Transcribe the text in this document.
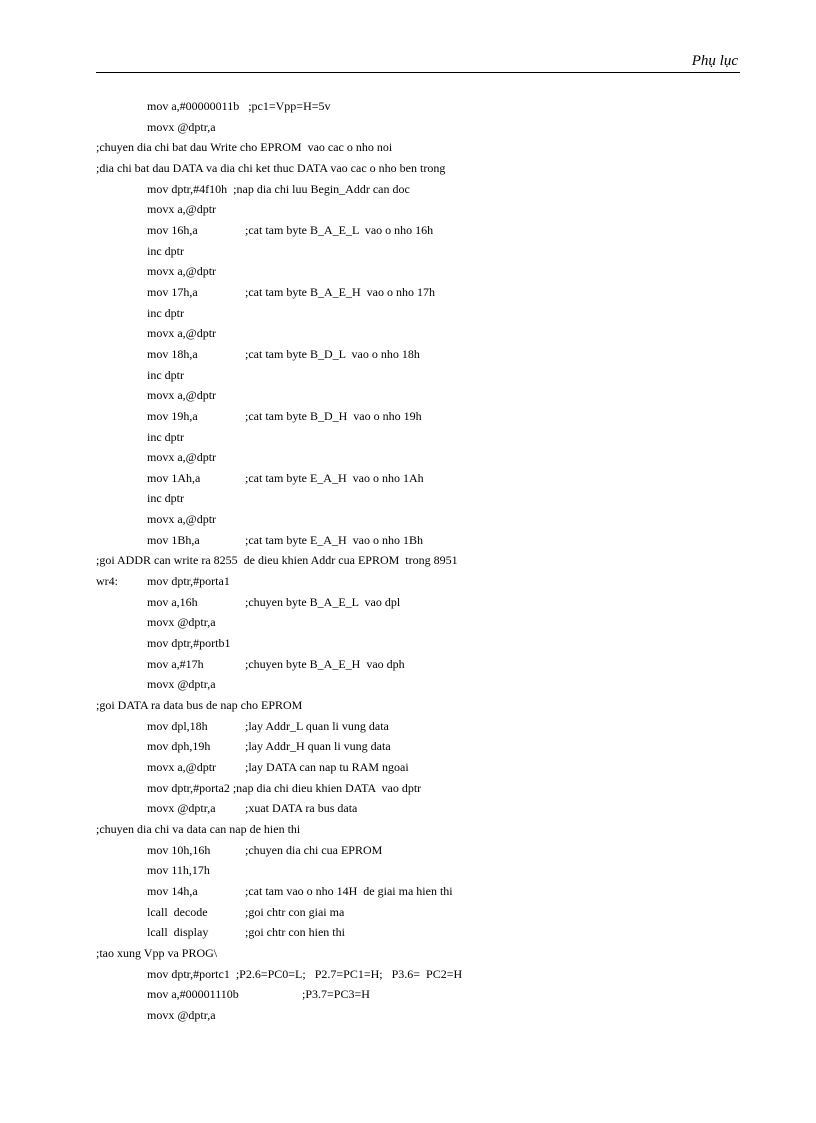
Phụ lục
mov a,#00000011b   ;pc1=Vpp=H=5v
movx @dptr,a
;chuyen dia chi bat dau Write cho EPROM  vao cac o nho noi
;dia chi bat dau DATA va dia chi ket thuc DATA vao cac o nho ben trong
mov dptr,#4f10h  ;nap dia chi luu Begin_Addr can doc
movx a,@dptr
mov 16h,a	;cat tam byte B_A_E_L  vao o nho 16h
inc dptr
movx a,@dptr
mov 17h,a	;cat tam byte B_A_E_H  vao o nho 17h
inc dptr
movx a,@dptr
mov 18h,a	;cat tam byte B_D_L  vao o nho 18h
inc dptr
movx a,@dptr
mov 19h,a	;cat tam byte B_D_H  vao o nho 19h
inc dptr
movx a,@dptr
mov 1Ah,a	;cat tam byte E_A_H  vao o nho 1Ah
inc dptr
movx a,@dptr
mov 1Bh,a	;cat tam byte E_A_H  vao o nho 1Bh
;goi ADDR can write ra 8255  de dieu khien Addr cua EPROM  trong 8951
wr4: mov dptr,#porta1
mov a,16h	;chuyen byte B_A_E_L  vao dpl
movx @dptr,a
mov dptr,#portb1
mov a,#17h	;chuyen byte B_A_E_H  vao dph
movx @dptr,a
;goi DATA ra data bus de nap cho EPROM
mov dpl,18h	;lay Addr_L quan li vung data
mov dph,19h	;lay Addr_H quan li vung data
movx a,@dptr ;lay DATA can nap tu RAM ngoai
mov dptr,#porta2 ;nap dia chi dieu khien DATA  vao dptr
movx @dptr,a ;xuat DATA ra bus data
;chuyen dia chi va data can nap de hien thi
mov 10h,16h	;chuyen dia chi cua EPROM
mov 11h,17h
mov 14h,a	;cat tam vao o nho 14H  de giai ma hien thi
lcall  decode	;goi chtr con giai ma
lcall  display	;goi chtr con hien thi
;tao xung Vpp va PROG\
mov dptr,#portc1  ;P2.6=PC0=L;   P2.7=PC1=H;   P3.6=  PC2=H
mov a,#00001110b	;P3.7=PC3=H
movx @dptr,a
